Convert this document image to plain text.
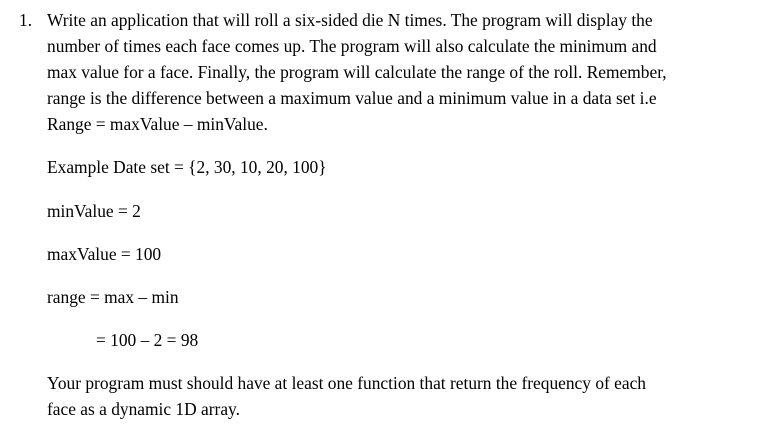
1. Write an application that will roll a six-sided die N times. The program will display the
number of times each face comes up. The program will also calculate the minimum and
max value for a face. Finally, the program will calculate the range of the roll. Remember,
range is the difference between a maximum value and a minimum value in a data set i.e
Range = maxValue – minValue.
Example Date set = {2, 30, 10, 20, 100}
minValue = 2
maxValue = 100
range = max – min
= 100 – 2 = 98
Your program must should have at least one function that return the frequency of each
face as a dynamic 1D array.
